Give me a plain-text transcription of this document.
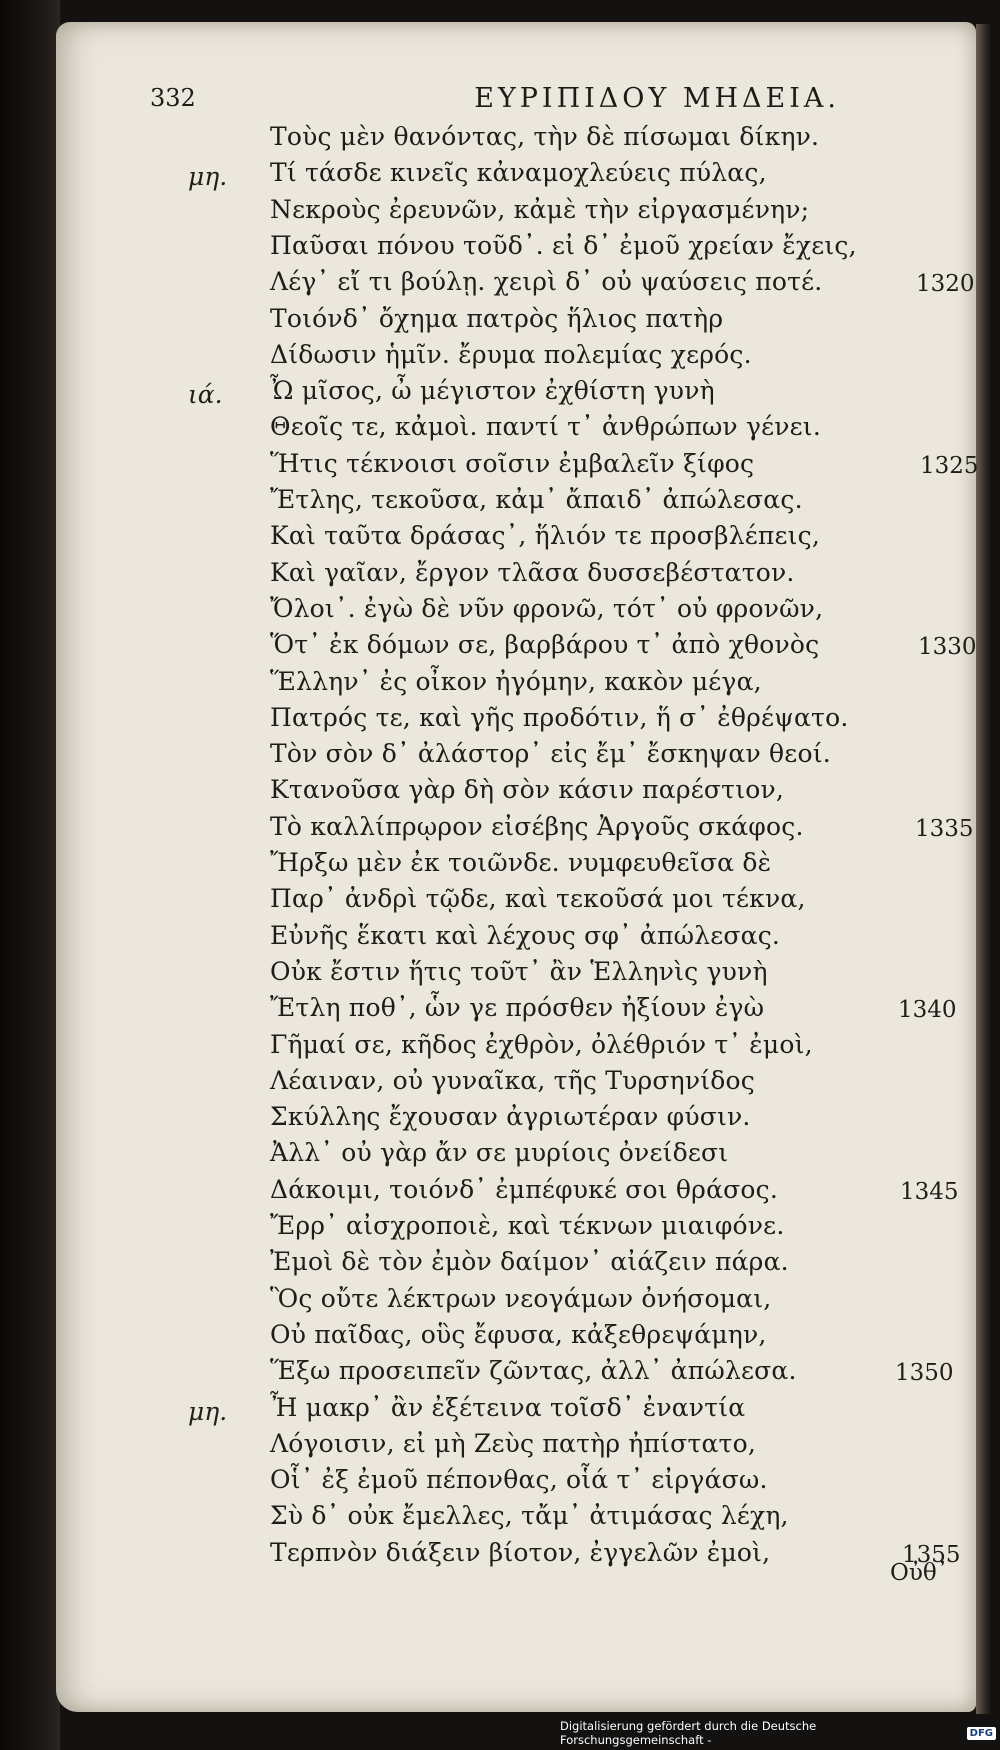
332	ΕΥΡΙΠΙΔΟΥ ΜΗΔΕΙΑ.
Τοὺς μὲν θανόντας, τὴν δὲ πίσωμαι δίκην.
μη. Τί τάσδε κινεῖς κἀναμοχλεύεις πύλας,
Νεκροὺς ἐρευνῶν, κἀμὲ τὴν εἰργασμένην;
Παῦσαι πόνου τοῦδ᾽. εἰ δ᾽ ἐμοῦ χρείαν ἔχεις,
Λέγ᾽ εἴ τι βούλῃ. χειρὶ δ᾽ οὐ ψαύσεις ποτέ.	1320
Τοιόνδ᾽ ὄχημα πατρὸς ἥλιος πατὴρ
Δίδωσιν ἡμῖν. ἔρυμα πολεμίας χερός.
ιά. Ὦ μῖσος, ὦ μέγιστον ἐχθίστη γυνὴ
Θεοῖς τε, κἀμοὶ. παντί τ᾽ ἀνθρώπων γένει.
Ἥτις τέκνοισι σοῖσιν ἐμβαλεῖν ξίφος	1325
Ἔτλης, τεκοῦσα, κἀμ᾽ ἄπαιδ᾽ ἀπώλεσας.
Καὶ ταῦτα δράσας᾽, ἥλιόν τε προσβλέπεις,
Καὶ γαῖαν, ἔργον τλᾶσα δυσσεβέστατον.
Ὄλοι᾽. ἐγὼ δὲ νῦν φρονῶ, τότ᾽ οὐ φρονῶν,
Ὅτ᾽ ἐκ δόμων σε, βαρβάρου τ᾽ ἀπὸ χθονὸς	1330
Ἕλλην᾽ ἐς οἶκον ἠγόμην, κακὸν μέγα,
Πατρός τε, καὶ γῆς προδότιν, ἥ σ᾽ ἐθρέψατο.
Τὸν σὸν δ᾽ ἀλάστορ᾽ εἰς ἔμ᾽ ἔσκηψαν θεοί.
Κτανοῦσα γὰρ δὴ σὸν κάσιν παρέστιον,
Τὸ καλλίπρῳρον εἰσέβης Ἀργοῦς σκάφος.	1335
Ἤρξω μὲν ἐκ τοιῶνδε. νυμφευθεῖσα δὲ
Παρ᾽ ἀνδρὶ τῷδε, καὶ τεκοῦσά μοι τέκνα,
Εὐνῆς ἕκατι καὶ λέχους σφ᾽ ἀπώλεσας.
Οὐκ ἔστιν ἥτις τοῦτ᾽ ἂν Ἑλληνὶς γυνὴ
Ἔτλη ποθ᾽, ὧν γε πρόσθεν ἠξίουν ἐγὼ	1340
Γῆμαί σε, κῆδος ἐχθρὸν, ὀλέθριόν τ᾽ ἐμοὶ,
Λέαιναν, οὐ γυναῖκα, τῆς Τυρσηνίδος
Σκύλλης ἔχουσαν ἀγριωτέραν φύσιν.
Ἀλλ᾽ οὐ γὰρ ἄν σε μυρίοις ὀνείδεσι
Δάκοιμι, τοιόνδ᾽ ἐμπέφυκέ σοι θράσος.	1345
Ἔρρ᾽ αἰσχροποιὲ, καὶ τέκνων μιαιφόνε.
Ἐμοὶ δὲ τὸν ἐμὸν δαίμον᾽ αἰάζειν πάρα.
Ὃς οὔτε λέκτρων νεογάμων ὀνήσομαι,
Οὐ παῖδας, οὓς ἔφυσα, κἀξεθρεψάμην,
Ἕξω προσειπεῖν ζῶντας, ἀλλ᾽ ἀπώλεσα.	1350
μη. Ἦ μακρ᾽ ἂν ἐξέτεινα τοῖσδ᾽ ἐναντία
Λόγοισιν, εἰ μὴ Ζεὺς πατὴρ ἠπίστατο,
Οἷ᾽ ἐξ ἐμοῦ πέπονθας, οἷά τ᾽ εἰργάσω.
Σὺ δ᾽ οὐκ ἔμελλες, τἄμ᾽ ἀτιμάσας λέχη,
Τερπνὸν διάξειν βίοτον, ἐγγελῶν ἐμοὶ,	1355
Οὐθ᾽
Digitalisierung gefördert durch die Deutsche Forschungsgemeinschaft -	DFG
